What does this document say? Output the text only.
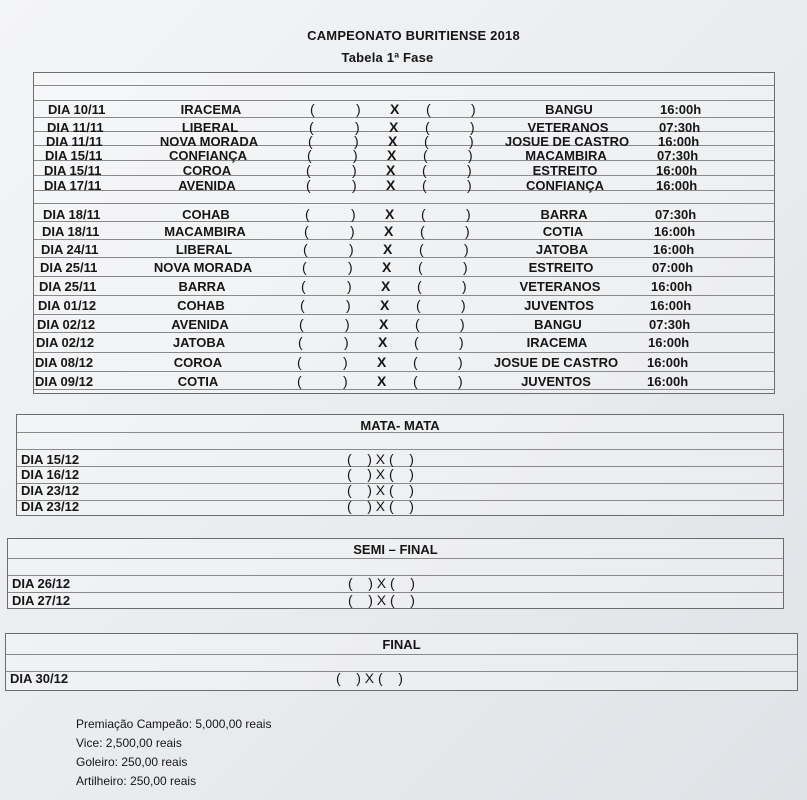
CAMPEONATO BURITIENSE 2018
Tabela 1ª Fase
DIA 10/11	IRACEMA	(	) X (	)	BANGU	16:00h
DIA 11/11	LIBERAL	(	) X (	)	VETERANOS	07:30h
DIA 11/11	NOVA MORADA	(	) X (	)	JOSUE DE CASTRO	16:00h
DIA 15/11	CONFIANÇA	(	) X (	)	MACAMBIRA	07:30h
DIA 15/11	COROA	(	) X (	)	ESTREITO	16:00h
DIA 17/11	AVENIDA	(	) X (	)	CONFIANÇA	16:00h
DIA 18/11	COHAB	(	) X (	)	BARRA	07:30h
DIA 18/11	MACAMBIRA	(	) X (	)	COTIA	16:00h
DIA 24/11	LIBERAL	(	) X (	)	JATOBA	16:00h
DIA 25/11	NOVA MORADA	(	) X (	)	ESTREITO	07:00h
DIA 25/11	BARRA	(	) X (	)	VETERANOS	16:00h
DIA 01/12	COHAB	(	) X (	)	JUVENTOS	16:00h
DIA 02/12	AVENIDA	(	) X (	)	BANGU	07:30h
DIA 02/12	JATOBA	(	) X (	)	IRACEMA	16:00h
DIA 08/12	COROA	(	) X (	)	JOSUE DE CASTRO	16:00h
DIA 09/12	COTIA	(	) X (	)	JUVENTOS	16:00h
MATA- MATA
DIA 15/12	(    ) X (    )
DIA 16/12	(    ) X (    )
DIA 23/12	(    ) X (    )
DIA 23/12	(    ) X (    )
SEMI – FINAL
DIA 26/12	(    ) X (    )
DIA 27/12	(    ) X (    )
FINAL
DIA 30/12	(    ) X (    )
Premiação Campeão: 5,000,00 reais
Vice: 2,500,00 reais
Goleiro: 250,00 reais
Artilheiro: 250,00 reais
